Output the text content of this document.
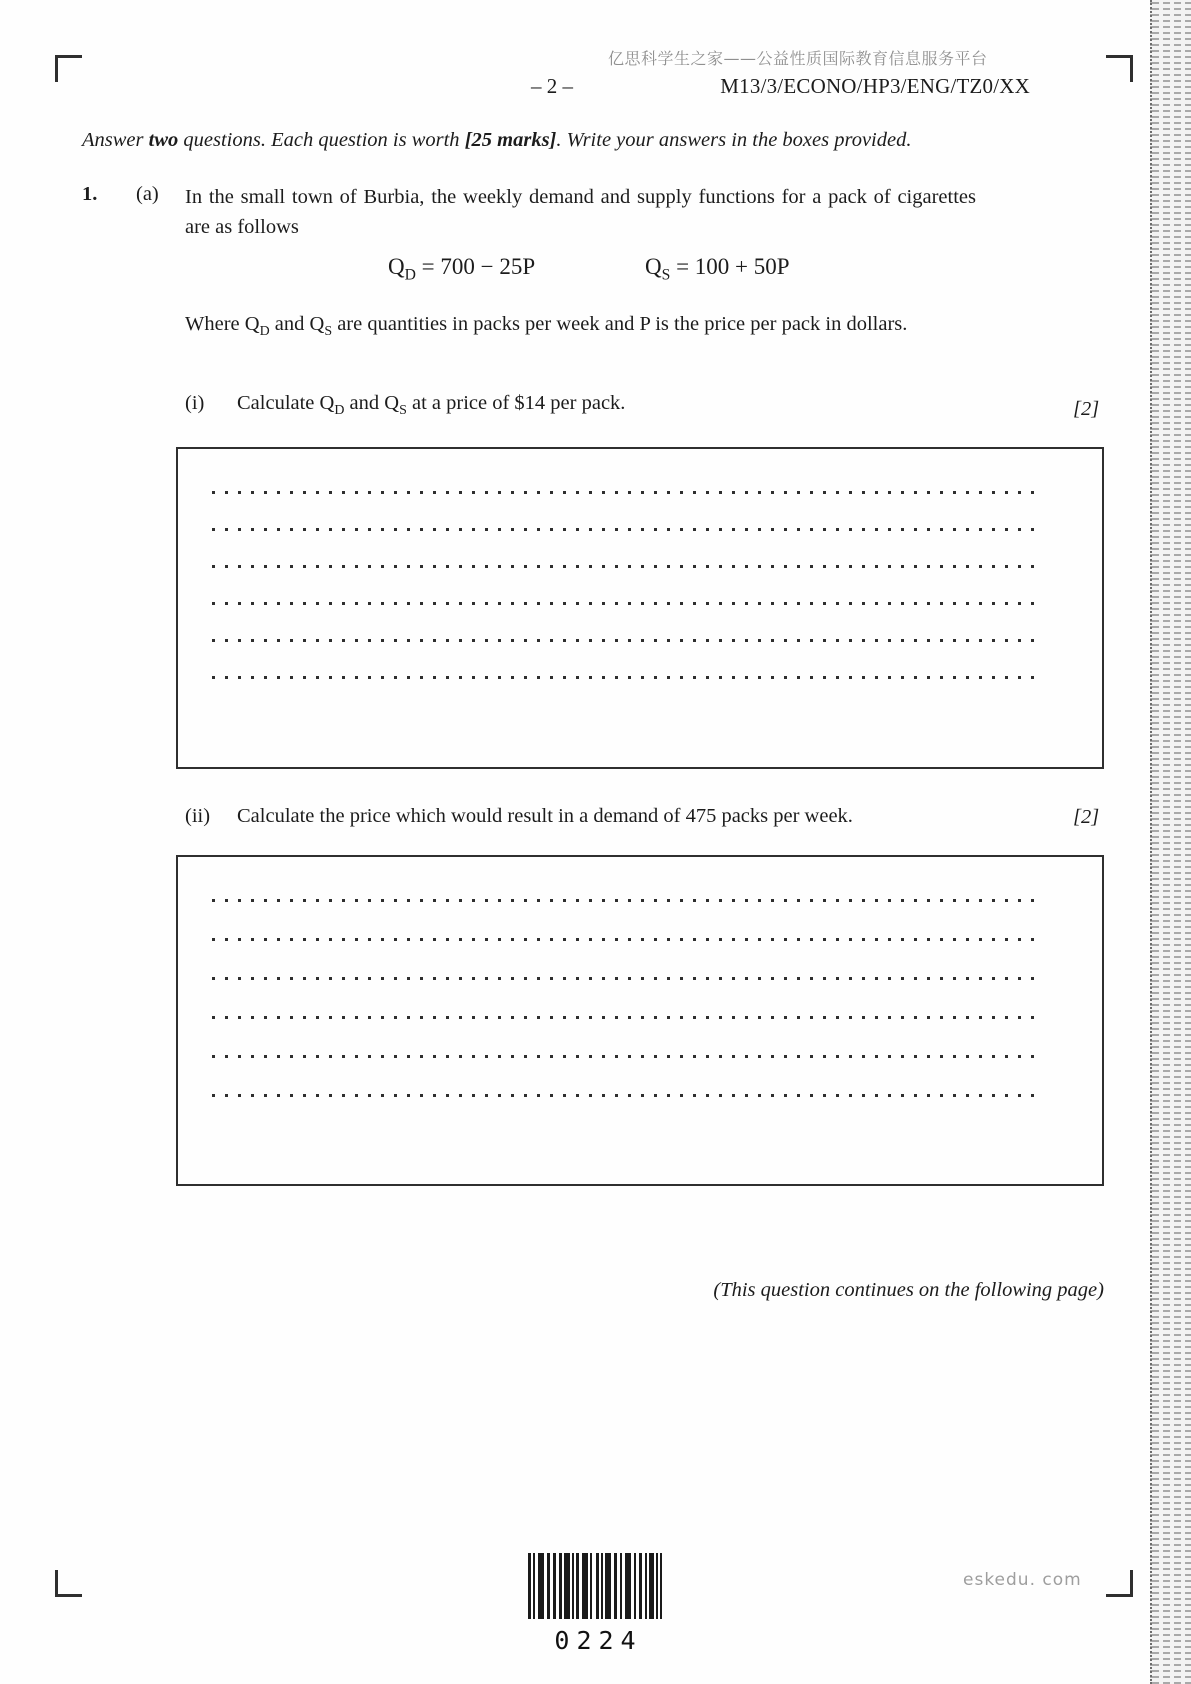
亿思科学生之家——公益性质国际教育信息服务平台
– 2 –	M13/3/ECONO/HP3/ENG/TZ0/XX
Answer two questions. Each question is worth [25 marks]. Write your answers in the boxes provided.
1. (a) In the small town of Burbia, the weekly demand and supply functions for a pack of cigarettes are as follows
$Q_D = 700 - 25P$	$Q_S = 100 + 50P$
Where $Q_D$ and $Q_S$ are quantities in packs per week and P is the price per pack in dollars.
(i) Calculate $Q_D$ and $Q_S$ at a price of $14 per pack.	[2]
(ii) Calculate the price which would result in a demand of 475 packs per week.	[2]
(This question continues on the following page)
0224
eskedu. com
